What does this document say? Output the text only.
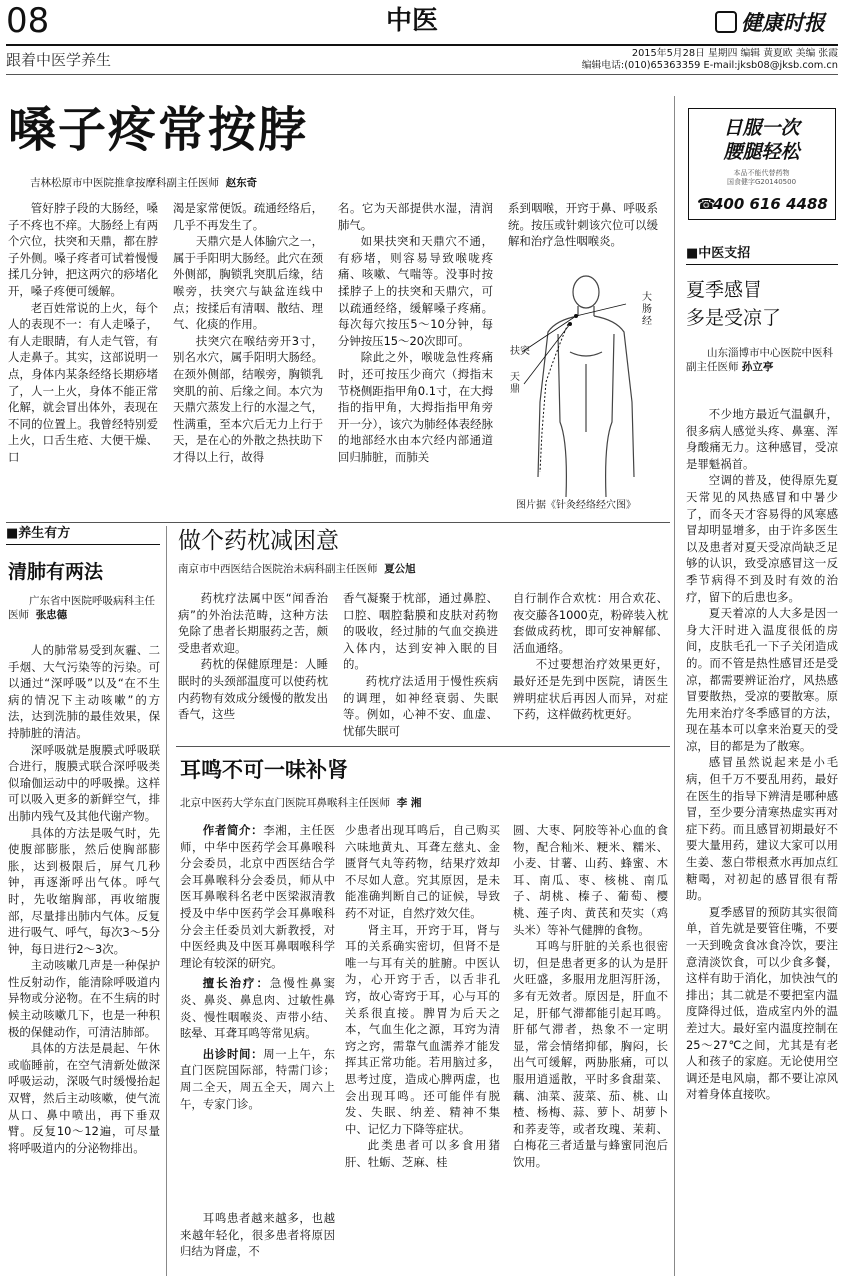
08	中医	健康时报
跟着中医学养生	2015年5月28日 星期四 编辑 黄夏欧 美编 张霞
编辑电话:(010)65363359 E-mail:jksb08@jksb.com.cn
嗓子疼常按脖
吉林松原市中医院推拿按摩科副主任医师 赵东奇

管好脖子段的大肠经，嗓子不疼也不痒。大肠经上有两个穴位，扶突和天鼎，都在脖子外侧。嗓子疼者可试着慢慢揉几分钟，把这两穴的痧堵化开，嗓子疼便可缓解。

老百姓常说的上火，每个人的表现不一：有人走嗓子，有人走眼睛，有人走气管，有人走鼻子。其实，这部说明一点，身体内某条经络长期痧堵了，人一上火，身体不能正常化解，就会冒出体外，表现在不同的位置上。我曾经特别爱上火，口舌生疮、大便干燥、口

渴是家常便饭。疏通经络后，几乎不再发生了。

天鼎穴是人体腧穴之一，属于手阳明大肠经。此穴在颈外侧部，胸锁乳突肌后缘，结喉旁，扶突穴与缺盆连线中点；按揉后有清咽、散结、理气、化痰的作用。

扶突穴在喉结旁开3寸，别名水穴，属手阳明大肠经。在颈外侧部，结喉旁，胸锁乳突肌的前、后缘之间。本穴为天鼎穴蒸发上行的水湿之气，性满重，至本穴后无力上行于天，是在心的外散之热扶助下才得以上行，故得

名。它为天部提供水湿，清润肺气。

如果扶突和天鼎穴不通，有痧堵，则容易导致喉咙疼痛、咳嗽、气喘等。没事时按揉脖子上的扶突和天鼎穴，可以疏通经络，缓解嗓子疼痛。每次每穴按压5～10分钟，每分钟按压15～20次即可。

除此之外，喉咙急性疼痛时，还可按压少商穴（拇指末节桡侧距指甲角0.1寸，在大拇指的指甲角，大拇指指甲角旁开一分），该穴为肺经体表经脉的地部经水由本穴经内部通道回归肺脏，而肺关

系到咽喉，开窍于鼻、呼吸系统。按压或针刺该穴位可以缓解和治疗急性咽喉炎。

大肠经
扶突
天鼎
图片据《针灸经络经穴图》
日服一次
腰腿轻松
本品不能代替药物
国食健字G20140500
☎
400 616 4488
■中医支招
夏季感冒
多是受凉了
山东淄博市中心医院中医科副主任医师 孙立亭

不少地方最近气温飙升，很多病人感觉头疼、鼻塞、浑身酸痛无力。这种感冒，受凉是罪魁祸首。

空调的普及，使得原先夏天常见的风热感冒和中暑少了，而冬天才容易得的风寒感冒却明显增多，由于许多医生以及患者对夏天受凉尚缺乏足够的认识，致受凉感冒这一反季节病得不到及时有效的治疗，留下的后患也多。

夏天着凉的人大多是因一身大汗时进入温度很低的房间，皮肤毛孔一下子关闭造成的。而不管是热性感冒还是受凉，都需要辨证治疗，风热感冒要散热，受凉的要散寒。原先用来治疗冬季感冒的方法，现在基本可以拿来治夏天的受凉，目的都是为了散寒。

感冒虽然说起来是小毛病，但千万不要乱用药，最好在医生的指导下辨清是哪种感冒，至少要分清寒热虚实再对症下药。而且感冒初期最好不要大量用药，建议大家可以用生姜、葱白带根煮水再加点红糖喝，对初起的感冒很有帮助。

夏季感冒的预防其实很简单，首先就是要管住嘴，不要一天到晚贪食冰食冷饮，要注意清淡饮食，可以少食多餐，这样有助于消化，加快浊气的排出；其二就是不要把室内温度降得过低，造成室内外的温差过大。最好室内温度控制在25～27℃之间，尤其是有老人和孩子的家庭。无论使用空调还是电风扇，都不要让凉风对着身体直接吹。

■养生有方
清肺有两法
广东省中医院呼吸病科主任医师 张忠德

人的肺常易受到灰霾、二手烟、大气污染等的污染。可以通过“深呼吸”以及“在不生病的情况下主动咳嗽”的方法，达到洗肺的最佳效果，保持肺脏的清洁。

深呼吸就是腹膜式呼吸联合进行，腹膜式联合深呼吸类似瑜伽运动中的呼吸操。这样可以吸入更多的新鲜空气，排出肺内残气及其他代谢产物。

具体的方法是吸气时，先使腹部膨胀，然后使胸部膨胀，达到极限后，屏气几秒钟，再逐渐呼出气体。呼气时，先收缩胸部，再收缩腹部，尽量排出肺内气体。反复进行吸气、呼气，每次3～5分钟，每日进行2～3次。

主动咳嗽几声是一种保护性反射动作，能清除呼吸道内异物或分泌物。在不生病的时候主动咳嗽几下，也是一种积极的保健动作，可清洁肺部。

具体的方法是晨起、午休或临睡前，在空气清新处做深呼吸运动，深吸气时缓慢抬起双臂，然后主动咳嗽，使气流从口、鼻中喷出，再下垂双臂。反复10～12遍，可尽量将呼吸道内的分泌物排出。

做个药枕减困意
南京市中西医结合医院治未病科副主任医师 夏公旭

药枕疗法属中医“闻香治病”的外治法范畴，这种方法免除了患者长期服药之苦，颇受患者欢迎。

药枕的保健原理是：人睡眠时的头颈部温度可以使药枕内药物有效成分缓慢的散发出香气，这些

香气凝聚于枕部，通过鼻腔、口腔、咽腔黏膜和皮肤对药物的吸收，经过肺的气血交换进入体内，达到安神入眠的目的。

药枕疗法适用于慢性疾病的调理，如神经衰弱、失眠等。例如，心神不安、血虚、忧郁失眠可

自行制作合欢枕：用合欢花、夜交藤各1000克，粉碎装入枕套做成药枕，即可安神解郁、活血通络。

不过要想治疗效果更好，最好还是先到中医院，请医生辨明症状后再因人而异，对症下药，这样做药枕更好。

耳鸣不可一味补肾
北京中医药大学东直门医院耳鼻喉科主任医师 李 湘

作者简介：李湘，主任医师，中华中医药学会耳鼻喉科分会委员，北京中西医结合学会耳鼻喉科分会委员，师从中医耳鼻喉科名老中医梁淑清教授及中华中医药学会耳鼻喉科分会主任委员刘大新教授，对中医经典及中医耳鼻咽喉科学理论有较深的研究。

擅长治疗：急慢性鼻窦炎、鼻炎、鼻息肉、过敏性鼻炎、慢性咽喉炎、声带小结、眩晕、耳聋耳鸣等常见病。

出诊时间：周一上午，东直门医院国际部，特需门诊；周二全天，周五全天，周六上午，专家门诊。

耳鸣患者越来越多，也越来越年轻化，很多患者将原因归结为肾虚，不

少患者出现耳鸣后，自己购买六味地黄丸、耳聋左慈丸、金匮肾气丸等药物，结果疗效却不尽如人意。究其原因，是未能准确判断自己的证候，导致药不对证，自然疗效欠佳。

肾主耳，开窍于耳，肾与耳的关系确实密切，但肾不是唯一与耳有关的脏腑。中医认为，心开窍于舌，以舌非孔窍，故心寄窍于耳，心与耳的关系很直接。脾胃为后天之本，气血生化之源，耳窍为清窍之窍，需靠气血濡养才能发挥其正常功能。若用脑过多，思考过度，造成心脾两虚，也会出现耳鸣。还可能伴有脱发、失眠、纳差、精神不集中、记忆力下降等症状。

此类患者可以多食用猪肝、牡蛎、芝麻、桂

圆、大枣、阿胶等补心血的食物，配合籼米、粳米、糯米、小麦、甘薯、山药、蜂蜜、木耳、南瓜、枣、核桃、南瓜子、胡桃、榛子、葡萄、樱桃、莲子肉、黄芪和芡实（鸡头米）等补气健脾的食物。

耳鸣与肝脏的关系也很密切，但是患者更多的认为是肝火旺盛，多服用龙胆泻肝汤，多有无效者。原因是，肝血不足，肝郁气滞都能引起耳鸣。肝郁气滞者，热象不一定明显，常会情绪抑郁，胸闷，长出气可缓解，两胁胀痛，可以服用逍遥散，平时多食甜菜、藕、油菜、菠菜、茄、桃、山楂、杨梅、蒜、萝卜、胡萝卜和荞麦等，或者玫瑰、茉莉、白梅花三者适量与蜂蜜同泡后饮用。
